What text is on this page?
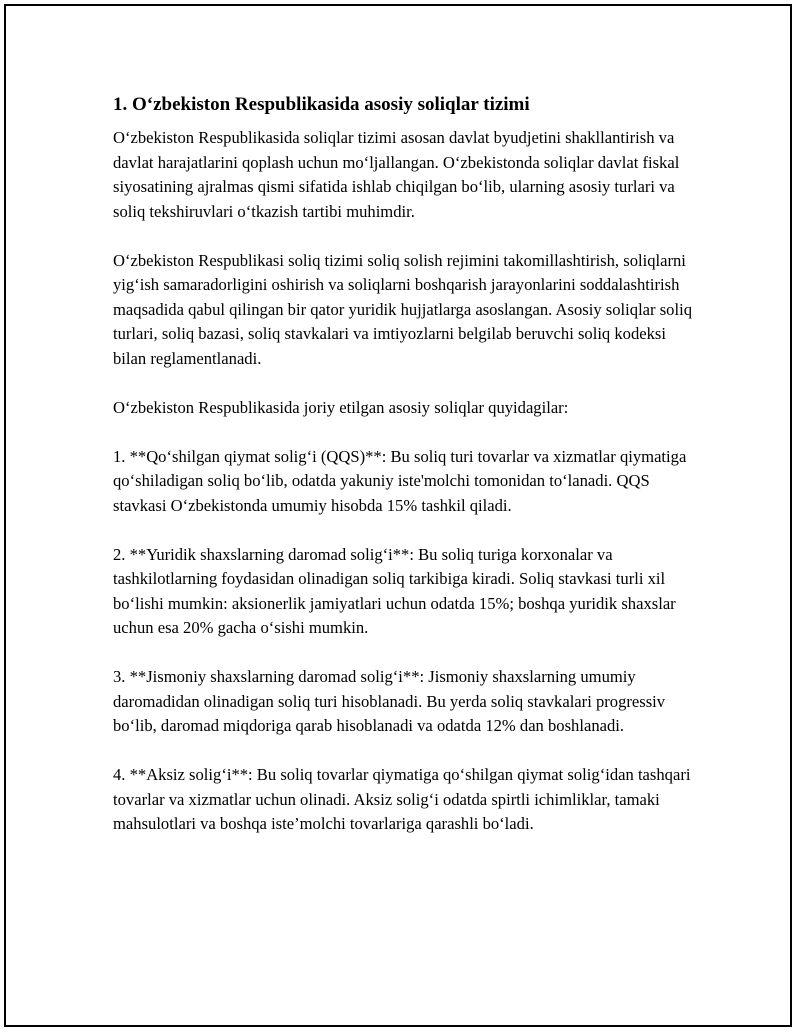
1. O‘zbekiston Respublikasida asosiy soliqlar tizimi

O‘zbekiston Respublikasida soliqlar tizimi asosan davlat byudjetini shakllantirish va davlat harajatlarini qoplash uchun mo‘ljallangan. O‘zbekistonda soliqlar davlat fiskal siyosatining ajralmas qismi sifatida ishlab chiqilgan bo‘lib, ularning asosiy turlari va soliq tekshiruvlari o‘tkazish tartibi muhimdir.

O‘zbekiston Respublikasi soliq tizimi soliq solish rejimini takomillashtirish, soliqlarni yig‘ish samaradorligini oshirish va soliqlarni boshqarish jarayonlarini soddalashtirish maqsadida qabul qilingan bir qator yuridik hujjatlarga asoslangan. Asosiy soliqlar soliq turlari, soliq bazasi, soliq stavkalari va imtiyozlarni belgilab beruvchi soliq kodeksi bilan reglamentlanadi.

O‘zbekiston Respublikasida joriy etilgan asosiy soliqlar quyidagilar:

1. **Qo‘shilgan qiymat solig‘i (QQS)**: Bu soliq turi tovarlar va xizmatlar qiymatiga qo‘shiladigan soliq bo‘lib, odatda yakuniy iste'molchi tomonidan to‘lanadi. QQS stavkasi O‘zbekistonda umumiy hisobda 15% tashkil qiladi.

2. **Yuridik shaxslarning daromad solig‘i**: Bu soliq turiga korxonalar va tashkilotlarning foydasidan olinadigan soliq tarkibiga kiradi. Soliq stavkasi turli xil bo‘lishi mumkin: aksionerlik jamiyatlari uchun odatda 15%; boshqa yuridik shaxslar uchun esa 20% gacha o‘sishi mumkin.

3. **Jismoniy shaxslarning daromad solig‘i**: Jismoniy shaxslarning umumiy daromadidan olinadigan soliq turi hisoblanadi. Bu yerda soliq stavkalari progressiv bo‘lib, daromad miqdoriga qarab hisoblanadi va odatda 12% dan boshlanadi.

4. **Aksiz solig‘i**: Bu soliq tovarlar qiymatiga qo‘shilgan qiymat solig‘idan tashqari tovarlar va xizmatlar uchun olinadi. Aksiz solig‘i odatda spirtli ichimliklar, tamaki mahsulotlari va boshqa iste’molchi tovarlariga qarashli bo‘ladi.
